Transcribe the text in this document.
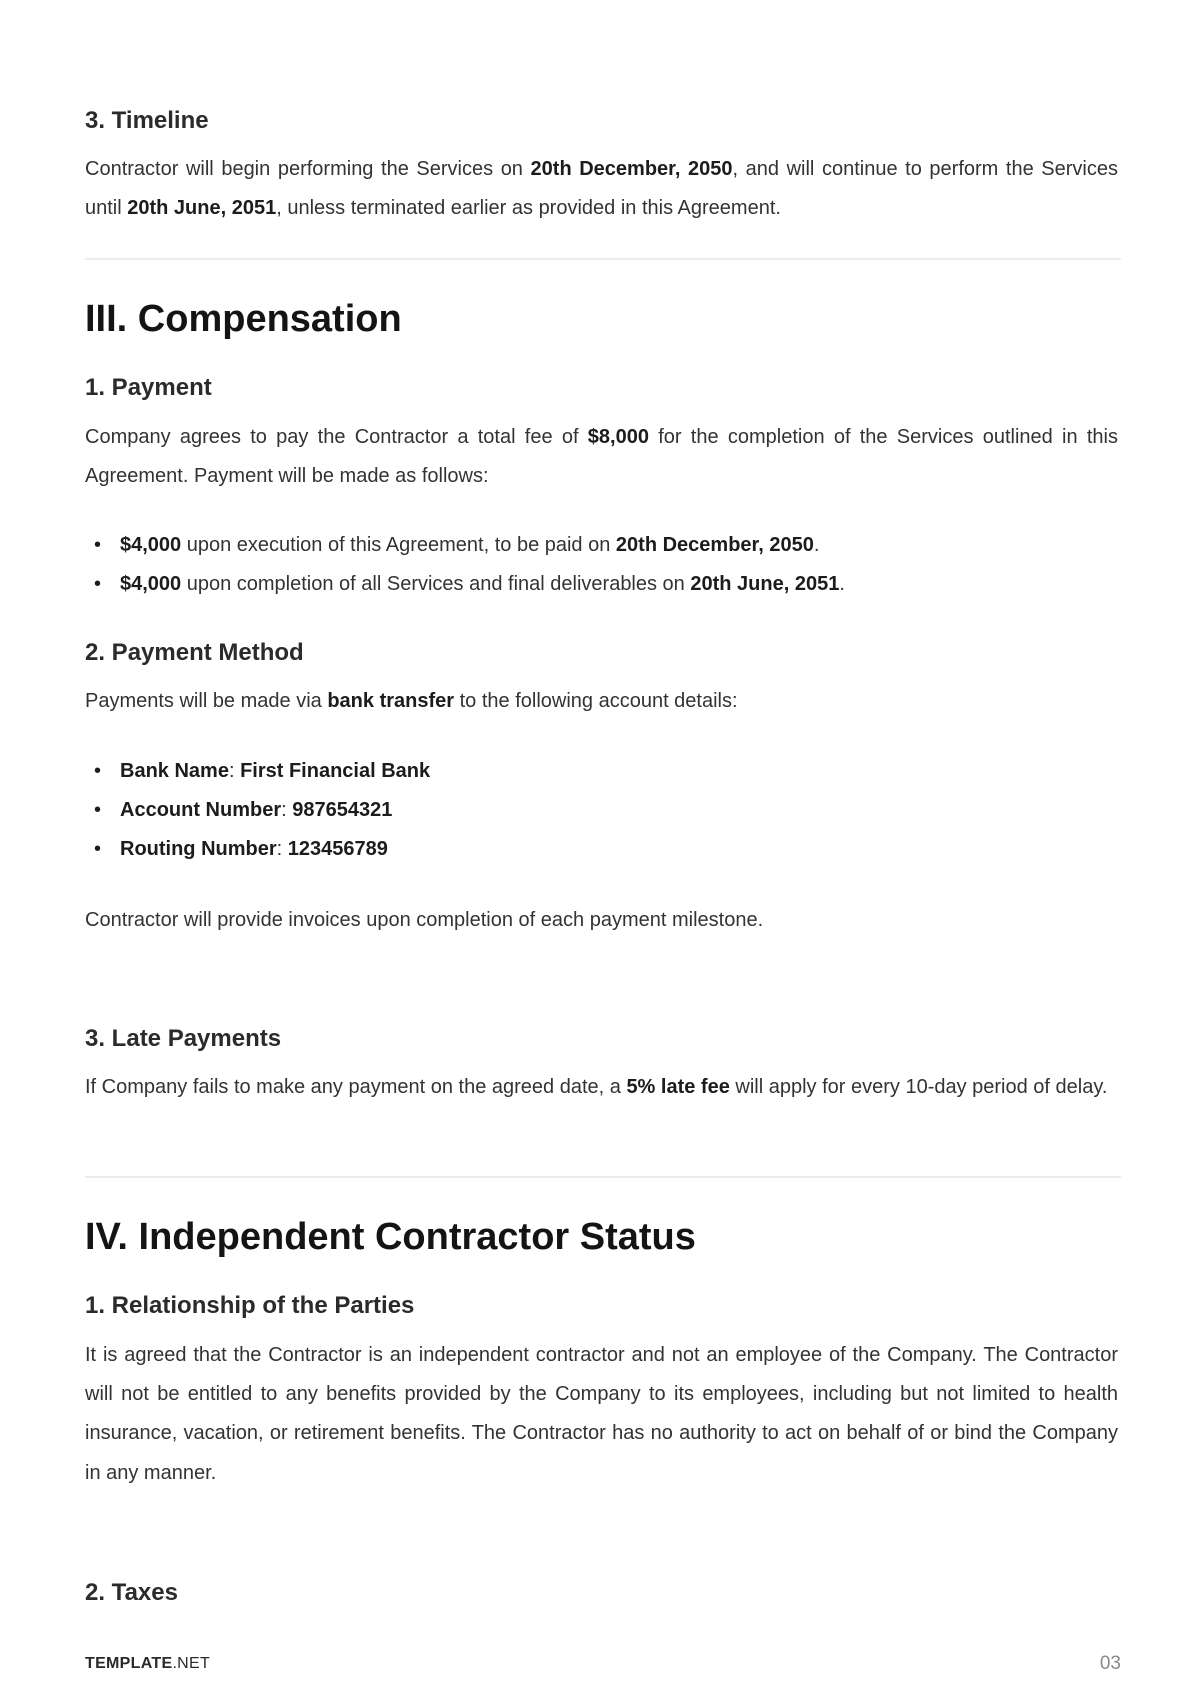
3. Timeline

Contractor will begin performing the Services on 20th December, 2050, and will continue to perform the Services until 20th June, 2051, unless terminated earlier as provided in this Agreement.

III. Compensation
1. Payment

Company agrees to pay the Contractor a total fee of $8,000 for the completion of the Services outlined in this Agreement. Payment will be made as follows:

• $4,000 upon execution of this Agreement, to be paid on 20th December, 2050.
• $4,000 upon completion of all Services and final deliverables on 20th June, 2051.
2. Payment Method

Payments will be made via bank transfer to the following account details:

• Bank Name: First Financial Bank
• Account Number: 987654321
• Routing Number: 123456789

Contractor will provide invoices upon completion of each payment milestone.

3. Late Payments

If Company fails to make any payment on the agreed date, a 5% late fee will apply for every 10-day period of delay.

IV. Independent Contractor Status
1. Relationship of the Parties

It is agreed that the Contractor is an independent contractor and not an employee of the Company. The Contractor will not be entitled to any benefits provided by the Company to its employees, including but not limited to health insurance, vacation, or retirement benefits. The Contractor has no authority to act on behalf of or bind the Company in any manner.

2. Taxes
TEMPLATE.NET	03
